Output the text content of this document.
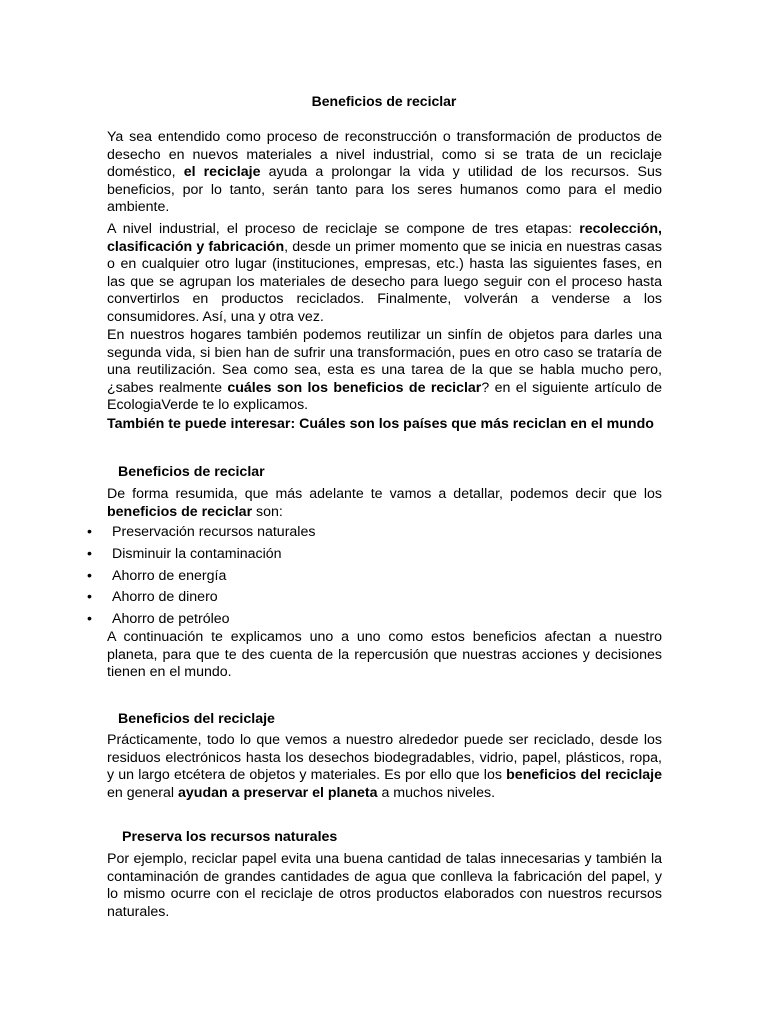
Beneficios de reciclar

Ya sea entendido como proceso de reconstrucción o transformación de productos de desecho en nuevos materiales a nivel industrial, como si se trata de un reciclaje doméstico, el reciclaje ayuda a prolongar la vida y utilidad de los recursos. Sus beneficios, por lo tanto, serán tanto para los seres humanos como para el medio ambiente.

A nivel industrial, el proceso de reciclaje se compone de tres etapas: recolección, clasificación y fabricación, desde un primer momento que se inicia en nuestras casas o en cualquier otro lugar (instituciones, empresas, etc.) hasta las siguientes fases, en las que se agrupan los materiales de desecho para luego seguir con el proceso hasta convertirlos en productos reciclados. Finalmente, volverán a venderse a los consumidores. Así, una y otra vez.

En nuestros hogares también podemos reutilizar un sinfín de objetos para darles una segunda vida, si bien han de sufrir una transformación, pues en otro caso se trataría de una reutilización. Sea como sea, esta es una tarea de la que se habla mucho pero, ¿sabes realmente cuáles son los beneficios de reciclar? en el siguiente artículo de EcologiaVerde te lo explicamos.

También te puede interesar: Cuáles son los países que más reciclan en el mundo

Beneficios de reciclar

De forma resumida, que más adelante te vamos a detallar, podemos decir que los beneficios de reciclar son:

• Preservación recursos naturales
• Disminuir la contaminación
• Ahorro de energía
• Ahorro de dinero
• Ahorro de petróleo

A continuación te explicamos uno a uno como estos beneficios afectan a nuestro planeta, para que te des cuenta de la repercusión que nuestras acciones y decisiones tienen en el mundo.

Beneficios del reciclaje

Prácticamente, todo lo que vemos a nuestro alrededor puede ser reciclado, desde los residuos electrónicos hasta los desechos biodegradables, vidrio, papel, plásticos, ropa, y un largo etcétera de objetos y materiales. Es por ello que los beneficios del reciclaje en general ayudan a preservar el planeta a muchos niveles.

Preserva los recursos naturales

Por ejemplo, reciclar papel evita una buena cantidad de talas innecesarias y también la contaminación de grandes cantidades de agua que conlleva la fabricación del papel, y lo mismo ocurre con el reciclaje de otros productos elaborados con nuestros recursos naturales.
